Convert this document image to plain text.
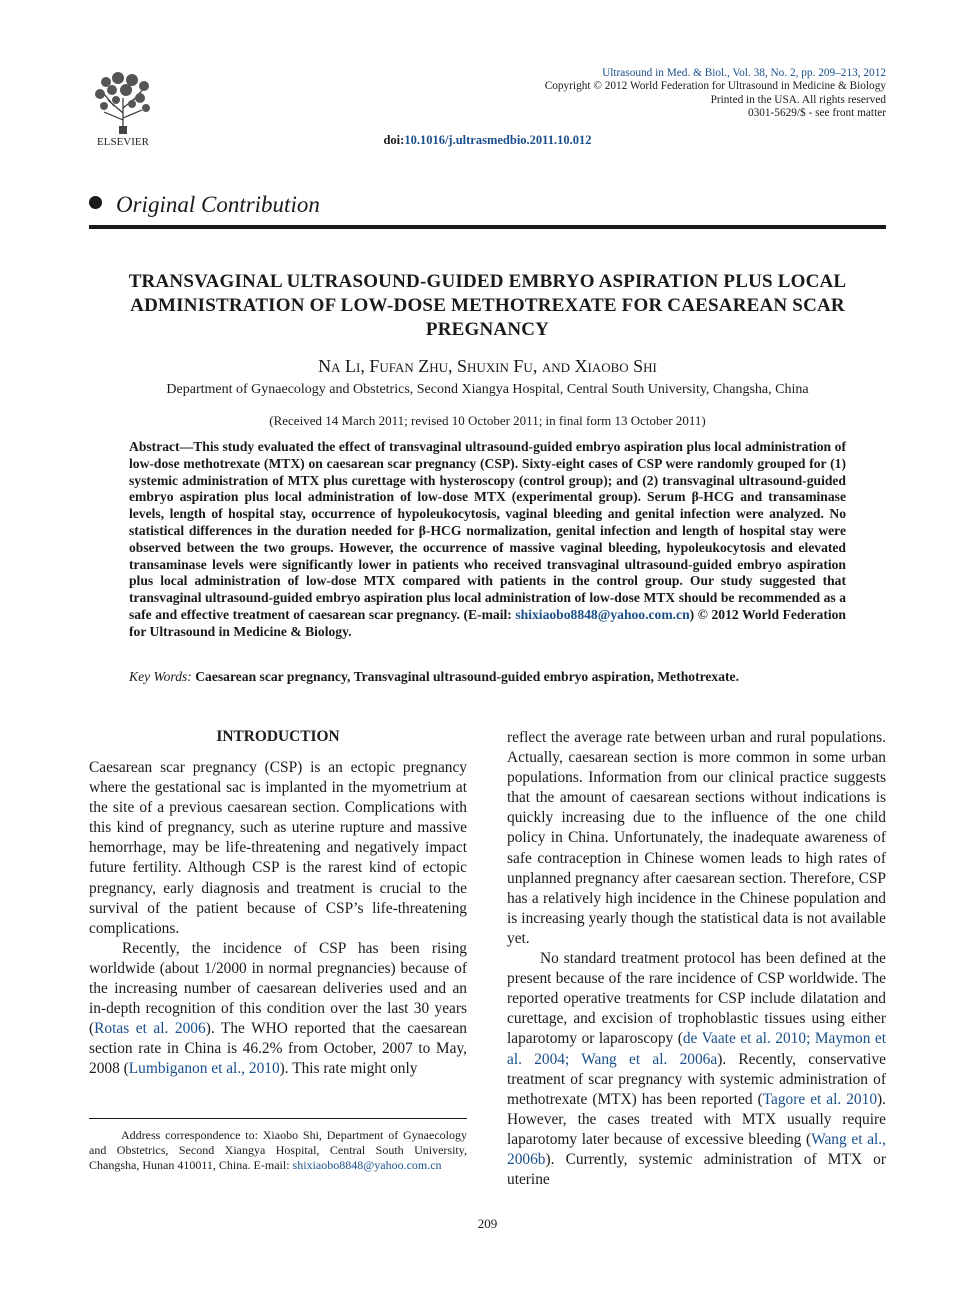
ELSEVIER
Ultrasound in Med. & Biol., Vol. 38, No. 2, pp. 209–213, 2012
Copyright © 2012 World Federation for Ultrasound in Medicine & Biology
Printed in the USA. All rights reserved
0301-5629/$ - see front matter
doi:10.1016/j.ultrasmedbio.2011.10.012
Original Contribution
TRANSVAGINAL ULTRASOUND-GUIDED EMBRYO ASPIRATION PLUS LOCAL ADMINISTRATION OF LOW-DOSE METHOTREXATE FOR CAESAREAN SCAR PREGNANCY
Na Li, Fufan Zhu, Shuxin Fu, and Xiaobo Shi
Department of Gynaecology and Obstetrics, Second Xiangya Hospital, Central South University, Changsha, China
(Received 14 March 2011; revised 10 October 2011; in final form 13 October 2011)
Abstract—This study evaluated the effect of transvaginal ultrasound-guided embryo aspiration plus local administration of low-dose methotrexate (MTX) on caesarean scar pregnancy (CSP). Sixty-eight cases of CSP were randomly grouped for (1) systemic administration of MTX plus curettage with hysteroscopy (control group); and (2) transvaginal ultrasound-guided embryo aspiration plus local administration of low-dose MTX (experimental group). Serum β-HCG and transaminase levels, length of hospital stay, occurrence of hypoleukocytosis, vaginal bleeding and genital infection were analyzed. No statistical differences in the duration needed for β-HCG normalization, genital infection and length of hospital stay were observed between the two groups. However, the occurrence of massive vaginal bleeding, hypoleukocytosis and elevated transaminase levels were significantly lower in patients who received transvaginal ultrasound-guided embryo aspiration plus local administration of low-dose MTX compared with patients in the control group. Our study suggested that transvaginal ultrasound-guided embryo aspiration plus local administration of low-dose MTX should be recommended as a safe and effective treatment of caesarean scar pregnancy. (E-mail: shixiaobo8848@yahoo.com.cn) © 2012 World Federation for Ultrasound in Medicine & Biology.
Key Words: Caesarean scar pregnancy, Transvaginal ultrasound-guided embryo aspiration, Methotrexate.
INTRODUCTION

Caesarean scar pregnancy (CSP) is an ectopic pregnancy where the gestational sac is implanted in the myometrium at the site of a previous caesarean section. Complications with this kind of pregnancy, such as uterine rupture and massive hemorrhage, may be life-threatening and negatively impact future fertility. Although CSP is the rarest kind of ectopic pregnancy, early diagnosis and treatment is crucial to the survival of the patient because of CSP’s life-threatening complications.

Recently, the incidence of CSP has been rising worldwide (about 1/2000 in normal pregnancies) because of the increasing number of caesarean deliveries used and an in-depth recognition of this condition over the last 30 years (Rotas et al. 2006). The WHO reported that the caesarean section rate in China is 46.2% from October, 2007 to May, 2008 (Lumbiganon et al., 2010). This rate might only

reflect the average rate between urban and rural populations. Actually, caesarean section is more common in some urban populations. Information from our clinical practice suggests that the amount of caesarean sections without indications is quickly increasing due to the influence of the one child policy in China. Unfortunately, the inadequate awareness of safe contraception in Chinese women leads to high rates of unplanned pregnancy after caesarean section. Therefore, CSP has a relatively high incidence in the Chinese population and is increasing yearly though the statistical data is not available yet.

No standard treatment protocol has been defined at the present because of the rare incidence of CSP worldwide. The reported operative treatments for CSP include dilatation and curettage, and excision of trophoblastic tissues using either laparotomy or laparoscopy (de Vaate et al. 2010; Maymon et al. 2004; Wang et al. 2006a). Recently, conservative treatment of scar pregnancy with systemic administration of methotrexate (MTX) has been reported (Tagore et al. 2010). However, the cases treated with MTX usually require laparotomy later because of excessive bleeding (Wang et al., 2006b). Currently, systemic administration of MTX or uterine

Address correspondence to: Xiaobo Shi, Department of Gynaecology and Obstetrics, Second Xiangya Hospital, Central South University, Changsha, Hunan 410011, China. E-mail: shixiaobo8848@yahoo.com.cn
209
